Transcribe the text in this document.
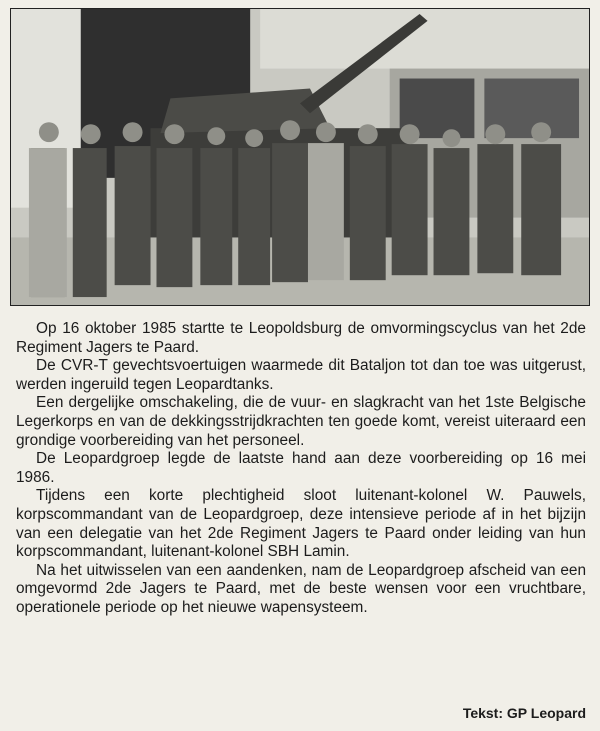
Op 16 oktober 1985 startte te Leopoldsburg de omvormingscyclus van het 2de Regiment Jagers te Paard.

De CVR-T gevechtsvoertuigen waarmede dit Bataljon tot dan toe was uitgerust, werden ingeruild tegen Leopardtanks.

Een dergelijke omschakeling, die de vuur- en slagkracht van het 1ste Belgische Legerkorps en van de dekkingsstrijdkrachten ten goede komt, vereist uiteraard een grondige voorbereiding van het personeel.

De Leopardgroep legde de laatste hand aan deze voorbereiding op 16 mei 1986.

Tijdens een korte plechtigheid sloot luitenant-kolonel W. Pauwels, korpscommandant van de Leopardgroep, deze intensieve periode af in het bijzijn van een delegatie van het 2de Regiment Jagers te Paard onder leiding van hun korpscommandant, luitenant-kolonel SBH Lamin.

Na het uitwisselen van een aandenken, nam de Leopardgroep afscheid van een omgevormd 2de Jagers te Paard, met de beste wensen voor een vruchtbare, operationele periode op het nieuwe wapensysteem.

Tekst: GP Leopard
